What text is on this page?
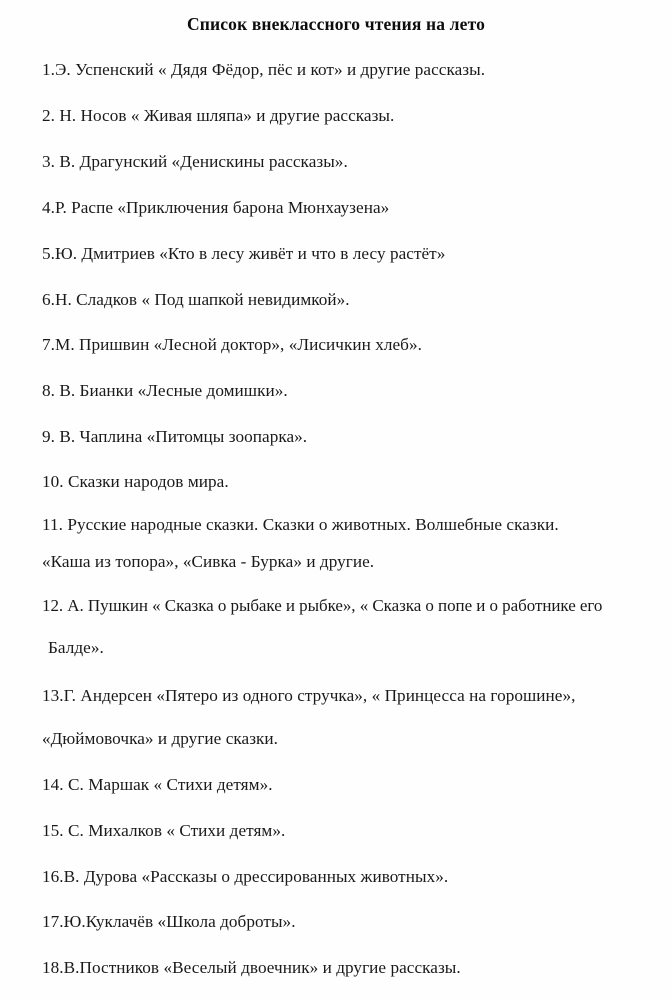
Список внеклассного чтения на лето
1.Э. Успенский « Дядя Фёдор, пёс и кот» и другие рассказы.
2. Н. Носов « Живая шляпа» и другие рассказы.
3. В. Драгунский «Денискины рассказы».
4.Р. Распе «Приключения барона Мюнхаузена»
5.Ю. Дмитриев «Кто в лесу живёт и что в лесу растёт»
6.Н. Сладков « Под шапкой невидимкой».
7.М. Пришвин «Лесной доктор», «Лисичкин хлеб».
8. В. Бианки «Лесные домишки».
9. В. Чаплина «Питомцы зоопарка».
10. Сказки народов мира.
11. Русские народные сказки. Сказки о животных. Волшебные сказки.
«Каша из топора», «Сивка - Бурка» и другие.
12. А. Пушкин « Сказка о рыбаке и рыбке», « Сказка о попе и о работнике его
Балде».
13.Г. Андерсен «Пятеро из одного стручка», « Принцесса на горошине»,
«Дюймовочка» и другие сказки.
14. С. Маршак « Стихи детям».
15. С. Михалков « Стихи детям».
16.В. Дурова «Рассказы о дрессированных животных».
17.Ю.Куклачёв «Школа доброты».
18.В.Постников «Веселый двоечник» и другие рассказы.
